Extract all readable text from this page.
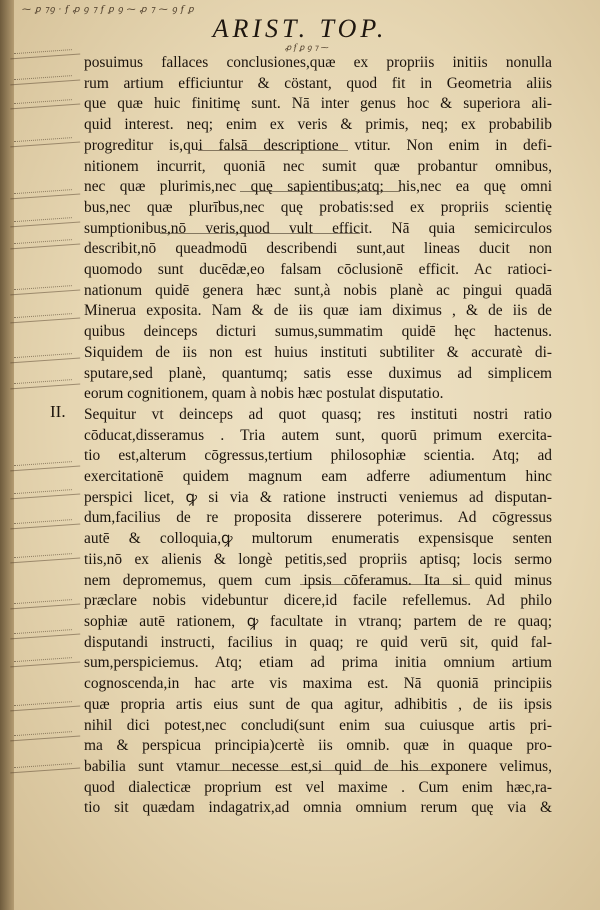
⁓ ꝑ ⁊ꝯ · ẜ ꝓ ꝯ ⁊ ẜ ꝑ ꝯ ⁓ ꝓ ⁊ ⁓ ꝯ ẜ ꝑ
ARIST. TOP.
ꝓ ẜ ꝑ ꝯ ⁊ ⁓
II.
posuimus fallaces conclusiones,quæ ex propriis initiis nonulla
rum artium efficiuntur & cöstant, quod fit in Geometria aliis
que quæ huic finitimę sunt. Nā inter genus hoc & superiora ali-
quid interest. neq; enim ex veris & primis, neq; ex probabilib
progreditur is,qui falsā descriptione vtitur. Non enim in defi-
nitionem incurrit, quoniā nec sumit quæ probantur omnibus,
nec quæ plurimis,nec quę sapientibus;atq; his,nec ea quę omni
bus,nec quæ plurībus,nec quę probatis:sed ex propriis scientię
sumptionibus,nō veris,quod vult efficit. Nā quia semicirculos
describit,nō queadmodū describendi sunt,aut lineas ducit non
quomodo sunt ducēdæ,eo falsam cōclusionē efficit. Ac ratioci-
nationum quidē genera hæc sunt,à nobis planè ac pingui quadā
Minerua exposita. Nam & de iis quæ iam diximus , & de iis de
quibus deinceps dicturi sumus,summatim quidē hęc hactenus.
Siquidem de iis non est huius instituti subtiliter & accuratè di-
sputare,sed planè, quantumq; satis esse duximus ad simplicem
eorum cognitionem, quam à nobis hæc postulat disputatio.
Sequitur vt deinceps ad quot quasq; res instituti nostri ratio
cōducat,disseramus . Tria autem sunt, quorū primum exercita-
tio est,alterum cōgressus,tertium philosophiæ scientia. Atq; ad
exercitationē quidem magnum eam adferre adiumentum hinc
perspici licet, ꝙ si via & ratione instructi veniemus ad disputan-
dum,facilius de re proposita disserere poterimus. Ad cōgressus
autē & colloquia,ꝙ multorum enumeratis expensisque senten
tiis,nō ex alienis & longè petitis,sed propriis aptisq; locis sermo
nem depromemus, quem cum ipsis cōferamus. Ita si quid minus
præclare nobis videbuntur dicere,id facile refellemus. Ad philo
sophiæ autē rationem, ꝙ facultate in vtranq; partem de re quaq;
disputandi instructi, facilius in quaq; re quid verū sit, quid fal-
sum,perspiciemus. Atq; etiam ad prima initia omnium artium
cognoscenda,in hac arte vis maxima est. Nā quoniā principiis
quæ propria artis eius sunt de qua agitur, adhibitis , de iis ipsis
nihil dici potest,nec concludi(sunt enim sua cuiusque artis pri-
ma & perspicua principia)certè iis omnib. quæ in quaque pro-
babilia sunt vtamur necesse est,si quid de his exponere velimus,
quod dialecticæ proprium est vel maxime . Cum enim hæc,ra-
tio sit quædam indagatrix,ad omnia omnium rerum quę via &
